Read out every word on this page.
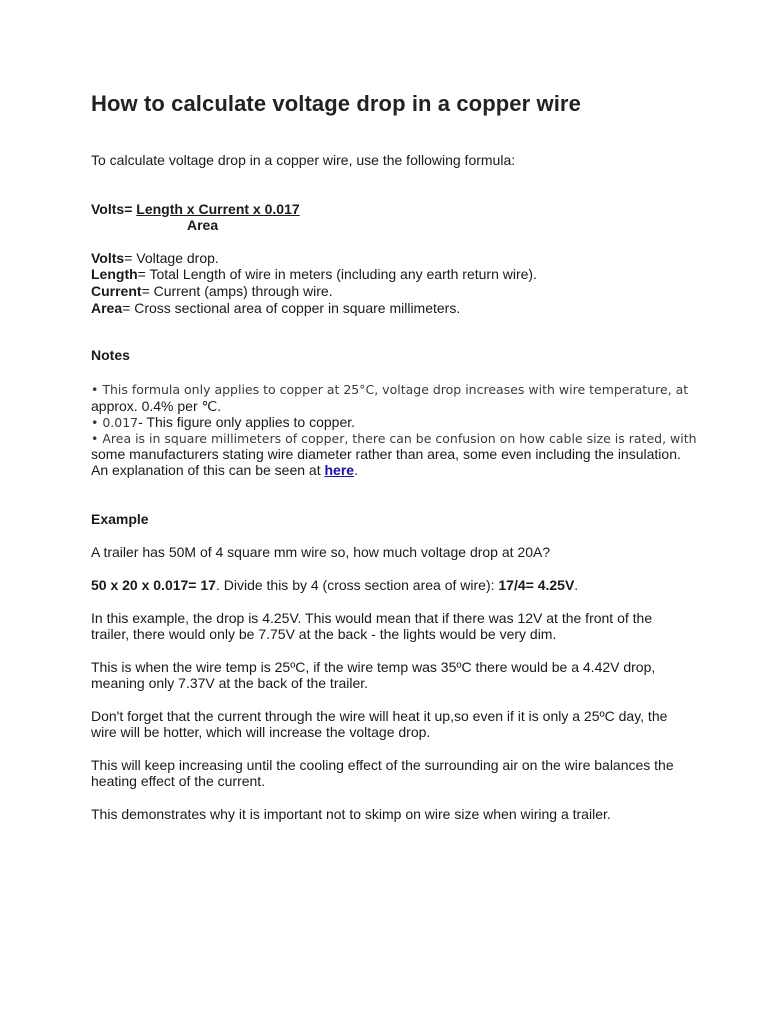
How to calculate voltage drop in a copper wire
To calculate voltage drop in a copper wire, use the following formula:
Volts= Length x Current x 0.017
Area
Volts= Voltage drop.
Length= Total Length of wire in meters (including any earth return wire).
Current= Current (amps) through wire.
Area= Cross sectional area of copper in square millimeters.
Notes
• This formula only applies to copper at 25°C, voltage drop increases with wire temperature, at
approx. 0.4% per ℃.
• 0.017- This figure only applies to copper.
• Area is in square millimeters of copper, there can be confusion on how cable size is rated, with
some manufacturers stating wire diameter rather than area, some even including the insulation.
An explanation of this can be seen at here.
Example
A trailer has 50M of 4 square mm wire so, how much voltage drop at 20A?
50 x 20 x 0.017= 17. Divide this by 4 (cross section area of wire): 17/4= 4.25V.
In this example, the drop is 4.25V. This would mean that if there was 12V at the front of the
trailer, there would only be 7.75V at the back - the lights would be very dim.
This is when the wire temp is 25ºC, if the wire temp was 35ºC there would be a 4.42V drop,
meaning only 7.37V at the back of the trailer.
Don't forget that the current through the wire will heat it up,so even if it is only a 25ºC day, the
wire will be hotter, which will increase the voltage drop.
This will keep increasing until the cooling effect of the surrounding air on the wire balances the
heating effect of the current.
This demonstrates why it is important not to skimp on wire size when wiring a trailer.
